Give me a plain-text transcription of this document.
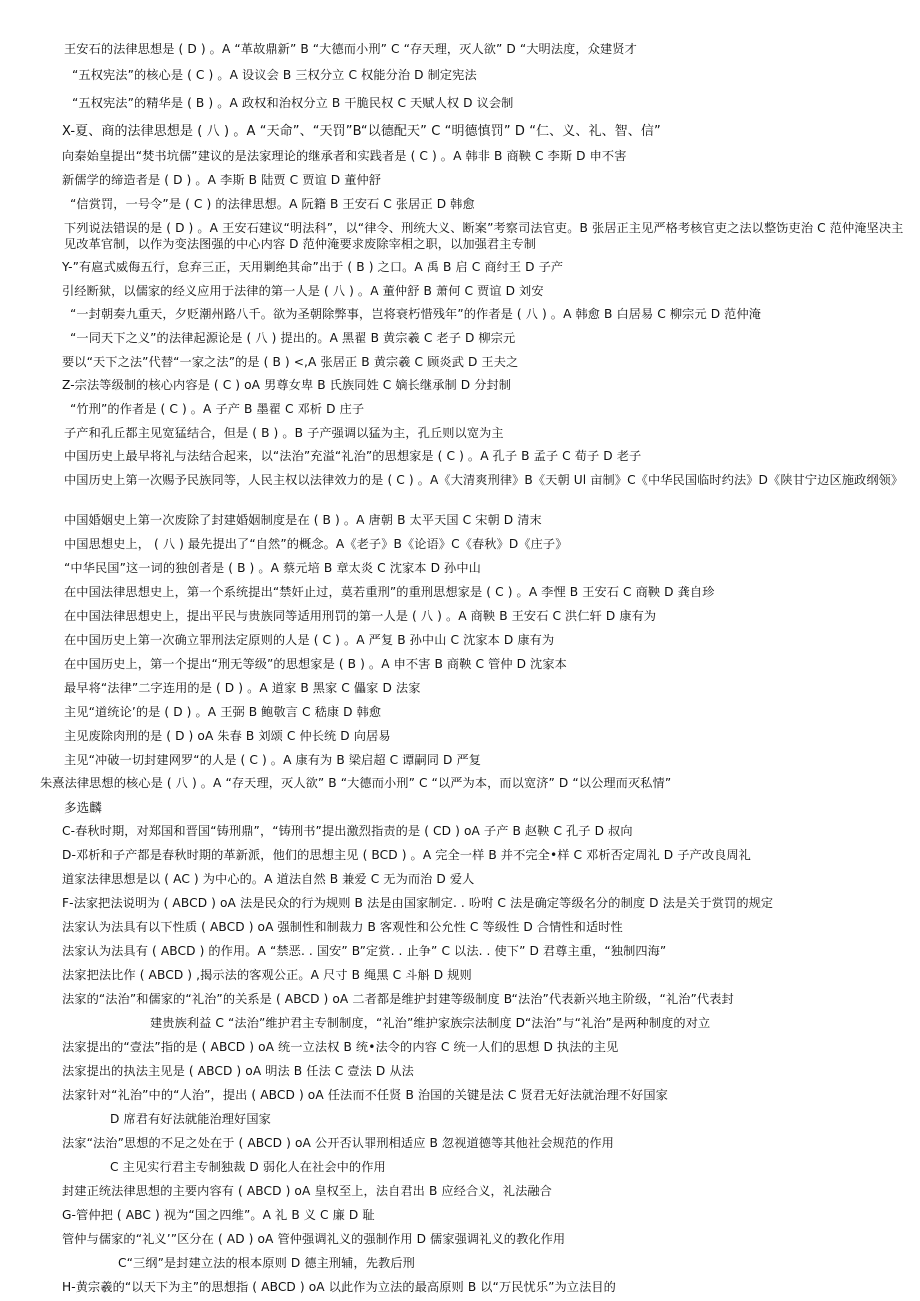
王安石的法律思想是 ( D ) 。A “革故鼎新” B “大德而小刑” C “存天理，灭人欲” D “大明法度，众建贤才
“五权宪法”的核心是 ( C ) 。A 设议会 B 三权分立 C 权能分治 D 制定宪法
“五权宪法”的精华是 ( B ) 。A 政权和治权分立 B 干脆民权 C 天赋人权 D 议会制
X-夏、商的法律思想是 ( 八 ) 。A “天命”、“天罚”B“以德配天” C “明德慎罚” D “仁、义、礼、智、信”
向秦始皇提出“焚书坑儒”建议的是法家理论的继承者和实践者是 ( C ) 。A 韩非 B 商鞅 C 李斯 D 申不害
新儒学的缔造者是 ( D ) 。A 李斯 B 陆贾 C 贾谊 D 董仲舒
“信赏罚，一号令”是 ( C ) 的法律思想。A 阮籍 B 王安石 C 张居正 D 韩愈
下列说法错误的是 ( D ) 。A 王安石建议“明法科”，以“律令、刑统大义、断案”考察司法官吏。B 张居正主见严格考核官吏之法以整饬吏治 C 范仲淹坚决主见改革官制，以作为变法图强的中心内容 D 范仲淹要求废除宰相之职，以加强君主专制
Y-”有扈式威侮五行，怠弃三正，天用剿绝其命”出于 ( B ) 之口。A 禹 B 启 C 商纣王 D 子产
引经断狱，以儒家的经义应用于法律的第一人是 ( 八 ) 。A 董仲舒 B 萧何 C 贾谊 D 刘安
“一封朝奏九重天，夕贬潮州路八千。欲为圣朝除弊事，岂将衰朽惜残年”的作者是 ( 八 ) 。A 韩愈 B 白居易 C 柳宗元 D 范仲淹
“一同天下之义”的法律起源论是 ( 八 ) 提出的。A 黑翟 B 黄宗羲 C 老子 D 柳宗元
要以“天下之法”代替“一家之法”的是 ( B ) <,A 张居正 B 黄宗羲 C 顾炎武 D 王夫之
Z-宗法等级制的核心内容是 ( C ) oA 男尊女卑 B 氏族同姓 C 嫡长继承制 D 分封制
“竹刑”的作者是 ( C ) 。A 子产 B 墨翟 C 邓析 D 庄子
子产和孔丘都主见宽猛结合，但是 ( B ) 。B 子产强调以猛为主，孔丘则以宽为主
中国历史上最早将礼与法结合起来，以“法治”充溢“礼治”的思想家是 ( C ) 。A 孔子 B 孟子 C 荀子 D 老子
中国历史上第一次赐予民族同等，人民主权以法律效力的是 ( C ) 。A《大清爽刑律》B《天朝 Ul 亩制》C《中华民国临时约法》D《陕甘宁边区施政纲领》
中国婚姻史上第一次废除了封建婚姻制度是在 ( B ) 。A 唐朝 B 太平天国 C 宋朝 D 清末
中国思想史上， ( 八 ) 最先提出了“自然”的概念。A《老子》B《论语》C《春秋》D《庄子》
“中华民国”这一词的独创者是 ( B ) 。A 蔡元培 B 章太炎 C 沈家本 D 孙中山
在中国法律思想史上，第一个系统提出“禁奸止过，莫若重刑”的重刑思想家是 ( C ) 。A 李悝 B 王安石 C 商鞅 D 龚自珍
在中国法律思想史上，提出平民与贵族同等适用刑罚的第一人是 ( 八 ) 。A 商鞅 B 王安石 C 洪仁轩 D 康有为
在中国历史上第一次确立罪刑法定原则的人是 ( C ) 。A 严复 B 孙中山 C 沈家本 D 康有为
在中国历史上，第一个提出“刑无等级”的思想家是 ( B ) 。A 申不害 B 商鞅 C 管仲 D 沈家本
最早将“法律”二字连用的是 ( D ) 。A 道家 B 黑家 C 儡家 D 法家
主见“道统论’的是 ( D ) 。A 王弼 B 鲍敬言 C 嵇康 D 韩愈
主见废除肉刑的是 ( D ) oA 朱春 B 刘颂 C 仲长统 D 向居易
主见“冲破一切封建网罗“的人是 ( C ) 。A 康有为 B 梁启超 C 谭嗣同 D 严复
朱熹法律思想的核心是 ( 八 ) 。A “存天理，灭人欲” B “大德而小刑” C “以严为本，而以宽济” D “以公理而灭私情”
多选麟
C-春秋时期，对郑国和晋国“铸刑鼎”，“铸刑书”提出激烈指责的是 ( CD ) oA 子产 B 赵鞅 C 孔子 D 叔向
D-邓析和子产都是春秋时期的革新派，他们的思想主见 ( BCD ) 。A 完全一样 B 并不完全•样 C 邓析否定周礼 D 子产改良周礼
道家法律思想是以 ( AC ) 为中心的。A 道法自然 B 兼爱 C 无为而治 D 爱人
F-法家把法说明为 ( ABCD ) oA 法是民众的行为规则 B 法是由国家制定. . 吩咐 C 法是确定等级名分的制度 D 法是关于赏罚的规定
法家认为法具有以下性质 ( ABCD ) oA 强制性和制裁力 B 客观性和公允性 C 等级性 D 合情性和适时性
法家认为法具有 ( ABCD ) 的作用。A “禁恶. . 国安” B”定赏. . 止争” C 以法. . 使下” D 君尊主重，“独制四海”
法家把法比作 ( ABCD ) ,揭示法的客观公正。A 尺寸 B 绳黑 C 斗斛 D 规则
法家的“法治”和儒家的“礼治”的关系是 ( ABCD ) oA 二者都是维护封建等级制度 B“法治”代表新兴地主阶级，“礼治”代表封
建贵族利益 C “法治”维护君主专制制度，“礼治”维护家族宗法制度 D“法治”与“礼治”是两种制度的对立
法家提出的“壹法”指的是 ( ABCD ) oA 统一立法权 B 统•法令的内容 C 统一人们的思想 D 执法的主见
法家提出的执法主见是 ( ABCD ) oA 明法 B 任法 C 壹法 D 从法
法家针对“礼治”中的“人治”，提出 ( ABCD ) oA 任法而不任贤 B 治国的关键是法 C 贤君无好法就治理不好国家
D 席君有好法就能治理好国家
法家“法治”思想的不足之处在于 ( ABCD ) oA 公开否认罪刑相适应 B 忽视道德等其他社会规范的作用
C 主见实行君主专制独裁 D 弱化人在社会中的作用
封建正统法律思想的主要内容有 ( ABCD ) oA 皇权至上，法自君出 B 应经合义，礼法融合
G-管仲把 ( ABC ) 视为“国之四维”。A 礼 B 义 C 廉 D 耻
管仲与儒家的“礼义’”区分在 ( AD ) oA 管仲强调礼义的强制作用 D 儒家强调礼义的教化作用
C“三纲”是封建立法的根本原则 D 德主刑辅，先教后刑
H-黄宗羲的“以天下为主”的思想指 ( ABCD ) oA 以此作为立法的最高原则 B 以“万民忧乐”为立法目的
